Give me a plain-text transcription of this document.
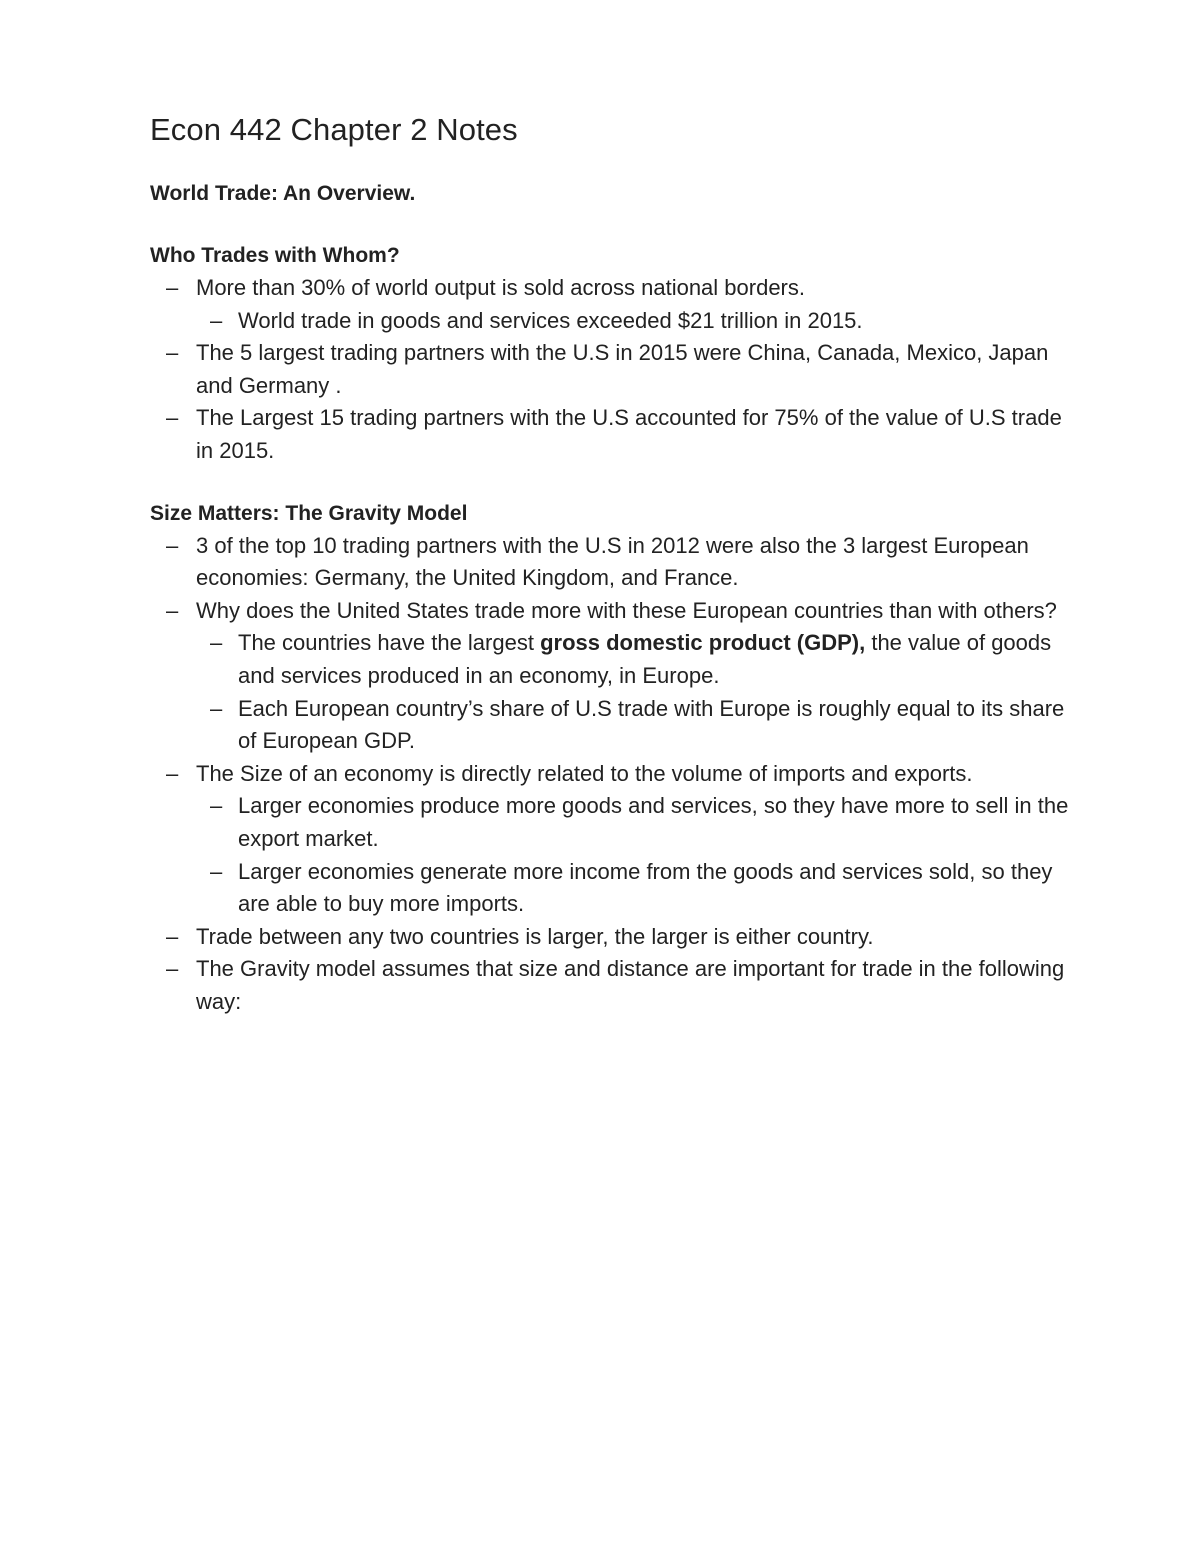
Econ 442 Chapter 2 Notes
World Trade: An Overview.
Who Trades with Whom?
– More than 30% of world output is sold across national borders.
– World trade in goods and services exceeded $21 trillion in 2015.
– The 5 largest trading partners with the U.S in 2015 were China, Canada, Mexico, Japan and Germany .
– The Largest 15 trading partners with the U.S accounted for 75% of the value of U.S trade in 2015.
Size Matters: The Gravity Model
– 3 of the top 10 trading partners with the U.S in 2012 were also the 3 largest European economies: Germany, the United Kingdom, and France.
– Why does the United States trade more with these European countries than with others?
– The countries have the largest gross domestic product (GDP), the value of goods and services produced in an economy, in Europe.
– Each European country’s share of U.S trade with Europe is roughly equal to its share of European GDP.
– The Size of an economy is directly related to the volume of imports and exports.
– Larger economies produce more goods and services, so they have more to sell in the export market.
– Larger economies generate more income from the goods and services sold, so they are able to buy more imports.
– Trade between any two countries is larger, the larger is either country.
– The Gravity model assumes that size and distance are important for trade in the following way:
